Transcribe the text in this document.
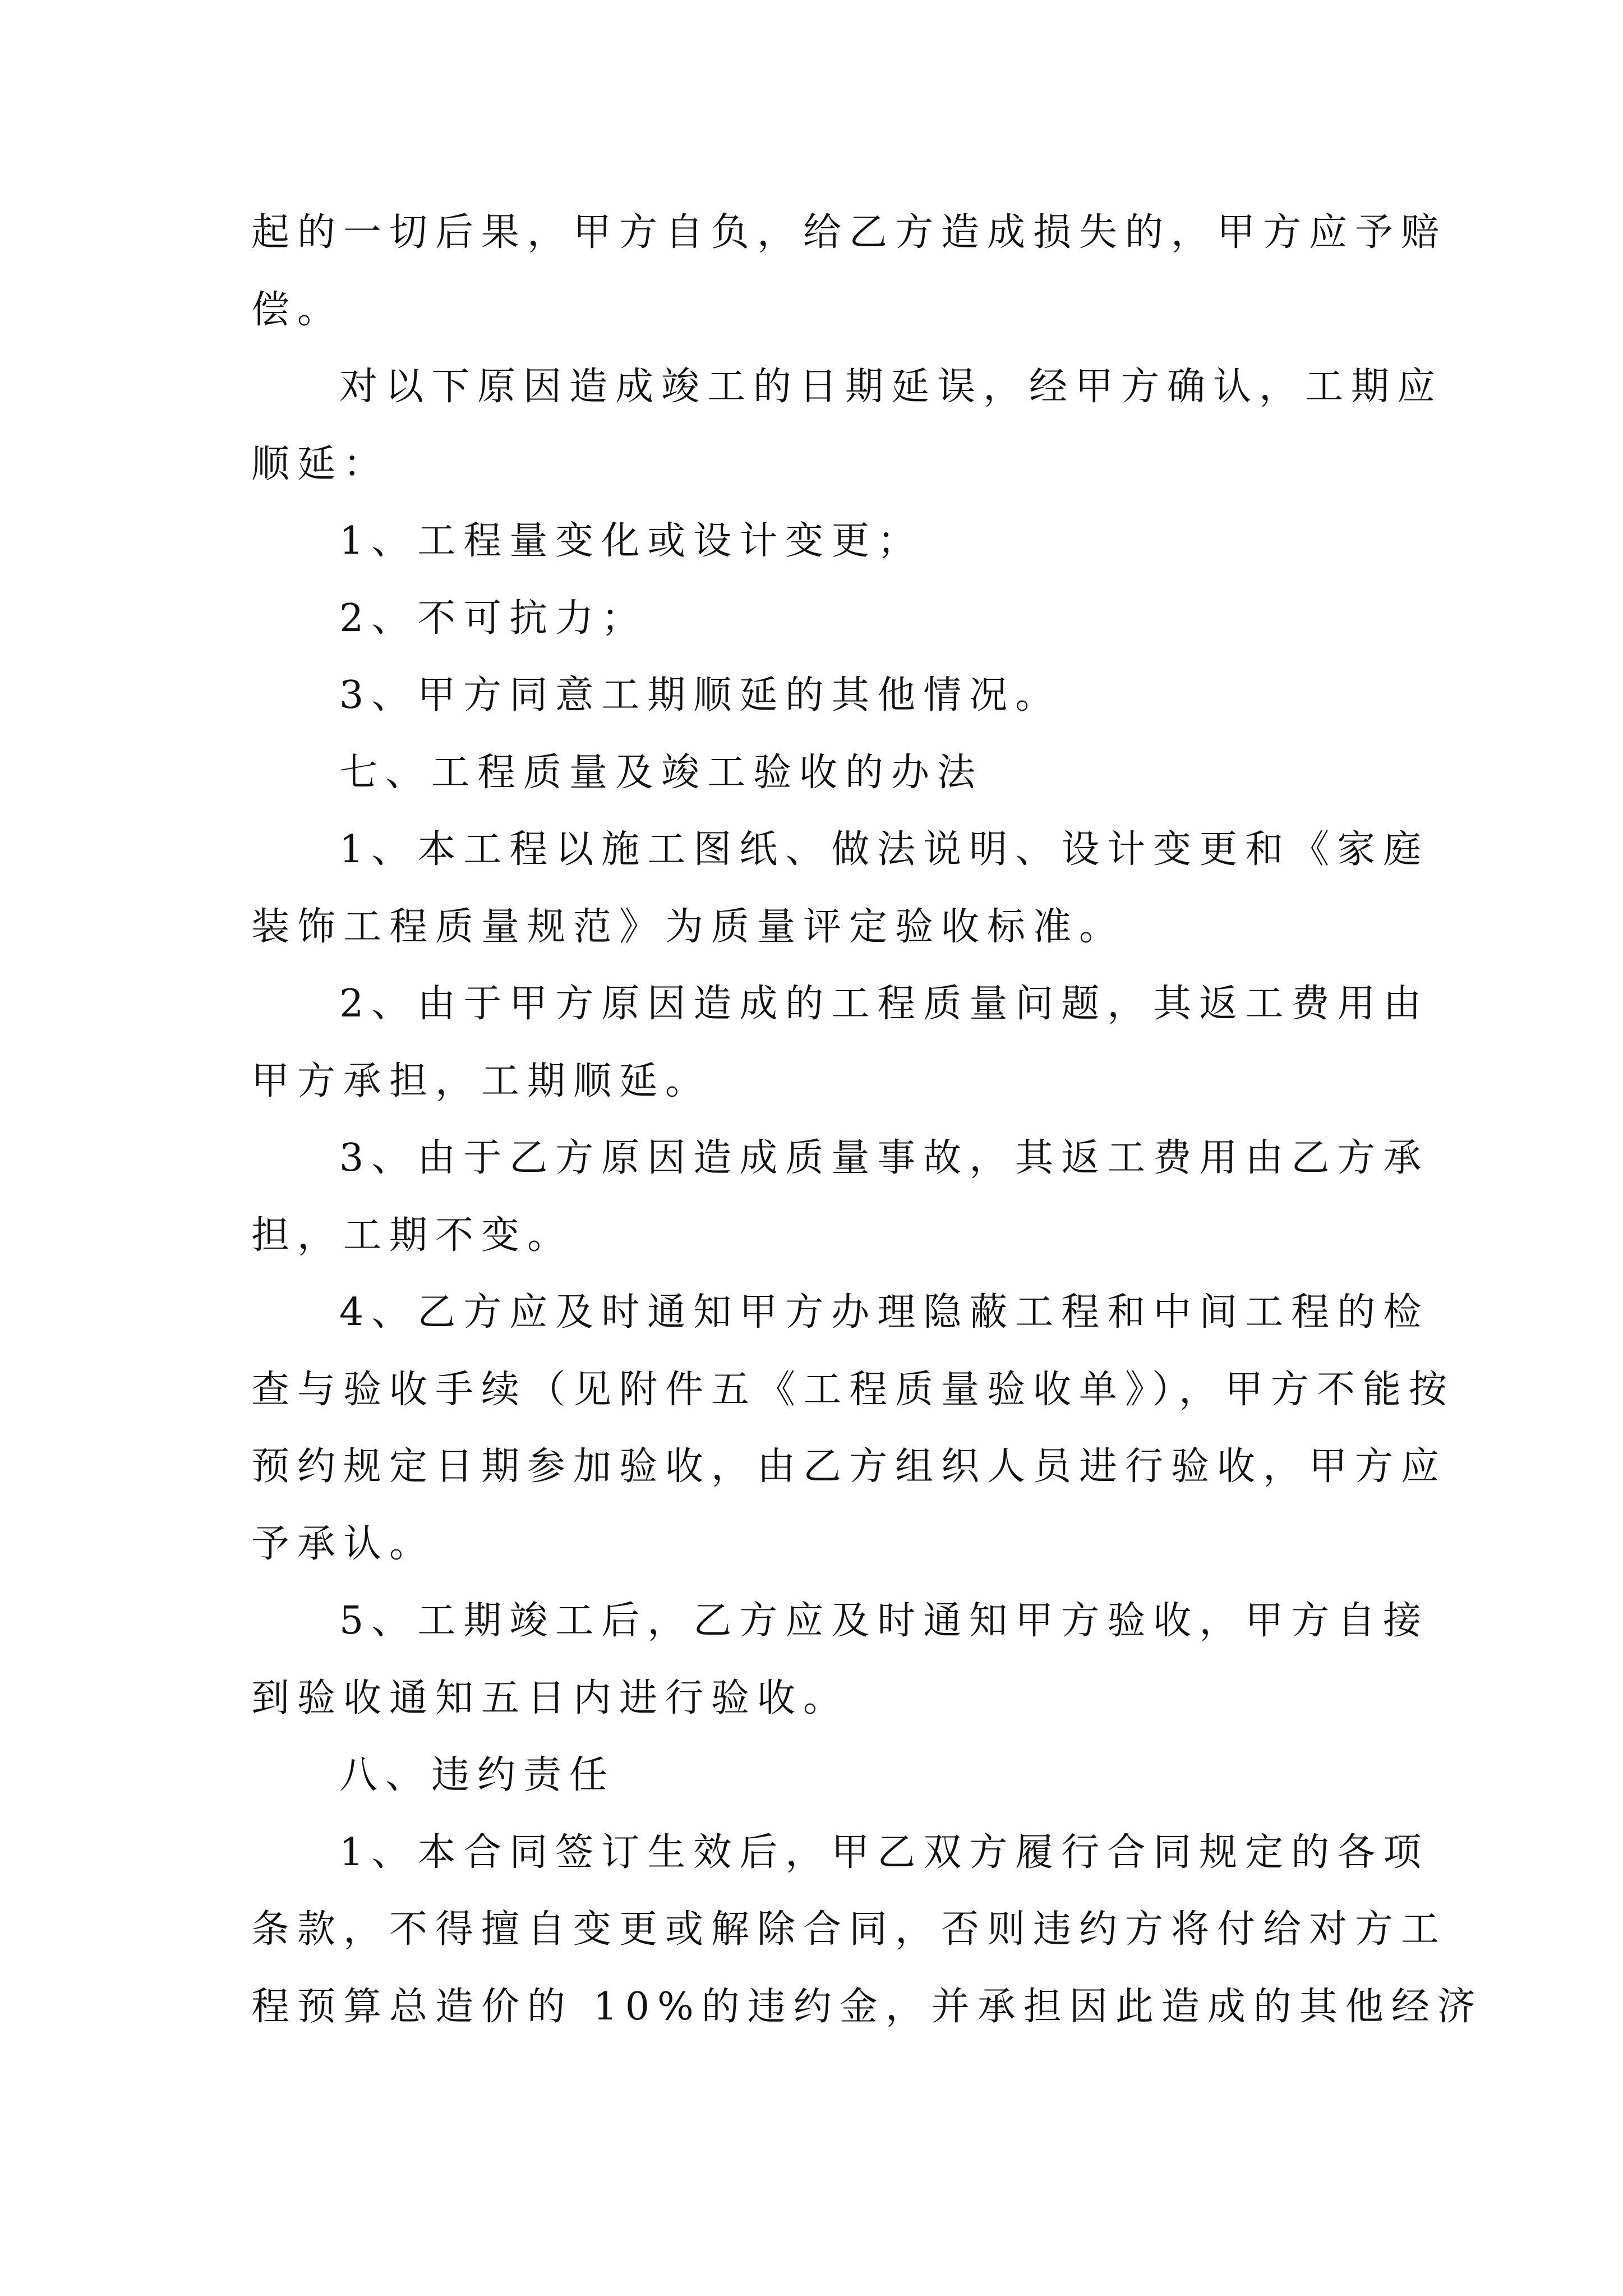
起的一切后果，甲方自负，给乙方造成损失的，甲方应予赔

偿。

对以下原因造成竣工的日期延误，经甲方确认，工期应

顺延：

1、工程量变化或设计变更；

2、不可抗力；

3、甲方同意工期顺延的其他情况。

七、工程质量及竣工验收的办法

1、本工程以施工图纸、做法说明、设计变更和《家庭

装饰工程质量规范》为质量评定验收标准。

2、由于甲方原因造成的工程质量问题，其返工费用由

甲方承担，工期顺延。

3、由于乙方原因造成质量事故，其返工费用由乙方承

担，工期不变。

4、乙方应及时通知甲方办理隐蔽工程和中间工程的检

查与验收手续（见附件五《工程质量验收单》），甲方不能按

预约规定日期参加验收，由乙方组织人员进行验收，甲方应

予承认。

5、工期竣工后，乙方应及时通知甲方验收，甲方自接

到验收通知五日内进行验收。

八、违约责任

1、本合同签订生效后，甲乙双方履行合同规定的各项

条款，不得擅自变更或解除合同，否则违约方将付给对方工

程预算总造价的 10%的违约金，并承担因此造成的其他经济
